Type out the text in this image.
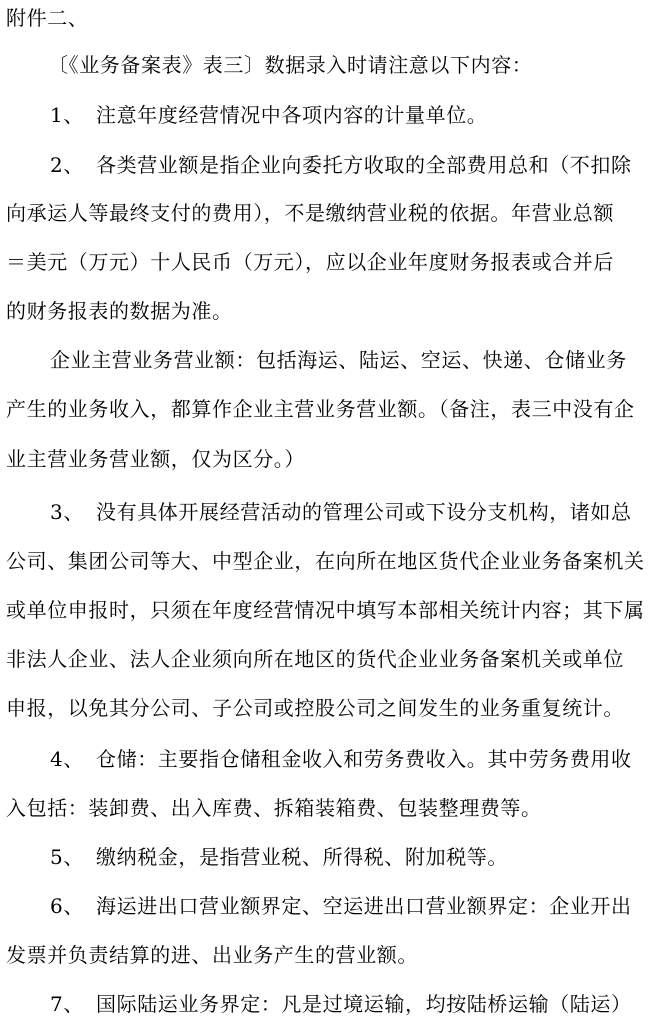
附件二、
〔《业务备案表》表三〕数据录入时请注意以下内容：
1、 注意年度经营情况中各项内容的计量单位。
2、 各类营业额是指企业向委托方收取的全部费用总和（不扣除
向承运人等最终支付的费用），不是缴纳营业税的依据。年营业总额
＝美元（万元）十人民币（万元），应以企业年度财务报表或合并后
的财务报表的数据为准。
企业主营业务营业额：包括海运、陆运、空运、快递、仓储业务
产生的业务收入，都算作企业主营业务营业额。（备注，表三中没有企
业主营业务营业额，仅为区分。）
3、 没有具体开展经营活动的管理公司或下设分支机构，诸如总
公司、集团公司等大、中型企业，在向所在地区货代企业业务备案机关
或单位申报时，只须在年度经营情况中填写本部相关统计内容；其下属
非法人企业、法人企业须向所在地区的货代企业业务备案机关或单位
申报，以免其分公司、子公司或控股公司之间发生的业务重复统计。
4、 仓储：主要指仓储租金收入和劳务费收入。其中劳务费用收
入包括：装卸费、出入库费、拆箱装箱费、包装整理费等。
5、 缴纳税金，是指营业税、所得税、附加税等。
6、 海运进出口营业额界定、空运进出口营业额界定：企业开出
发票并负责结算的进、出业务产生的营业额。
7、 国际陆运业务界定：凡是过境运输，均按陆桥运输（陆运）
